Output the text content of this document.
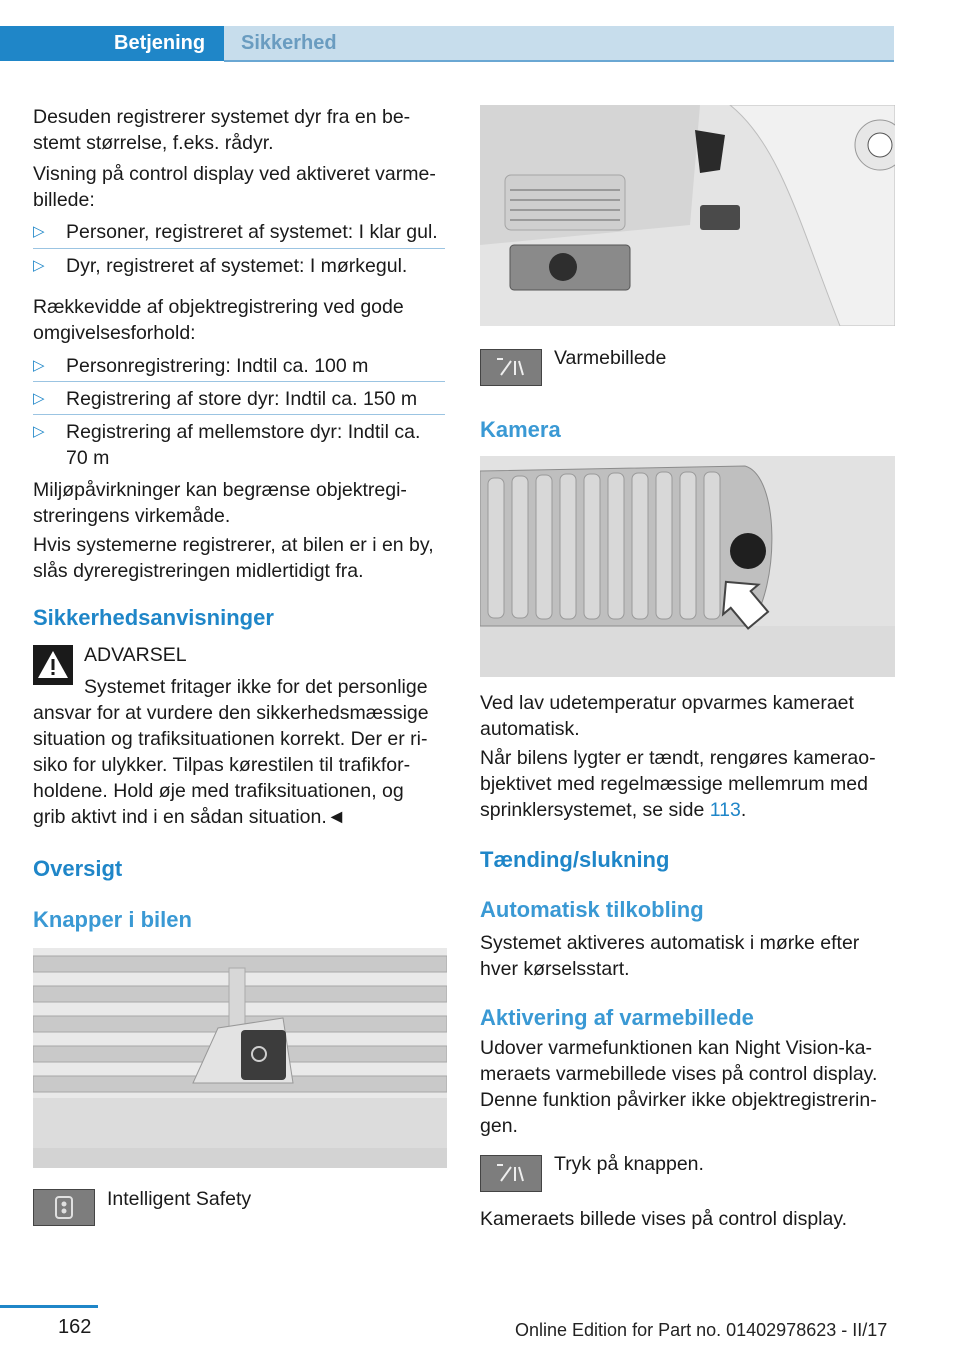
Betjening	Sikkerhed
Desuden registrerer systemet dyr fra en be-
stemt størrelse, f.eks. rådyr.
Visning på control display ved aktiveret varme-
billede:
▷ Personer, registreret af systemet: I klar gul.
▷ Dyr, registreret af systemet: I mørkegul.
Rækkevidde af objektregistrering ved gode
omgivelsesforhold:
▷ Personregistrering: Indtil ca. 100 m
▷ Registrering af store dyr: Indtil ca. 150 m
▷ Registrering af mellemstore dyr: Indtil ca.
70 m
Miljøpåvirkninger kan begrænse objektregi-
streringens virkemåde.
Hvis systemerne registrerer, at bilen er i en by,
slås dyreregistreringen midlertidigt fra.
Sikkerhedsanvisninger
ADVARSEL
Systemet fritager ikke for det personlige
ansvar for at vurdere den sikkerhedsmæssige
situation og trafiksituationen korrekt. Der er ri-
siko for ulykker. Tilpas kørestilen til trafikfor-
holdene. Hold øje med trafiksituationen, og
grib aktivt ind i en sådan situation.◄
Oversigt
Knapper i bilen
Intelligent Safety
Varmebillede
Kamera
Ved lav udetemperatur opvarmes kameraet
automatisk.
Når bilens lygter er tændt, rengøres kamerao-
bjektivet med regelmæssige mellemrum med
sprinklersystemet, se side 113.
Tænding/slukning
Automatisk tilkobling
Systemet aktiveres automatisk i mørke efter
hver kørselsstart.
Aktivering af varmebillede
Udover varmefunktionen kan Night Vision-ka-
meraets varmebillede vises på control display.
Denne funktion påvirker ikke objektregistrerin-
gen.
Tryk på knappen.
Kameraets billede vises på control display.
162	Online Edition for Part no. 01402978623 - II/17
